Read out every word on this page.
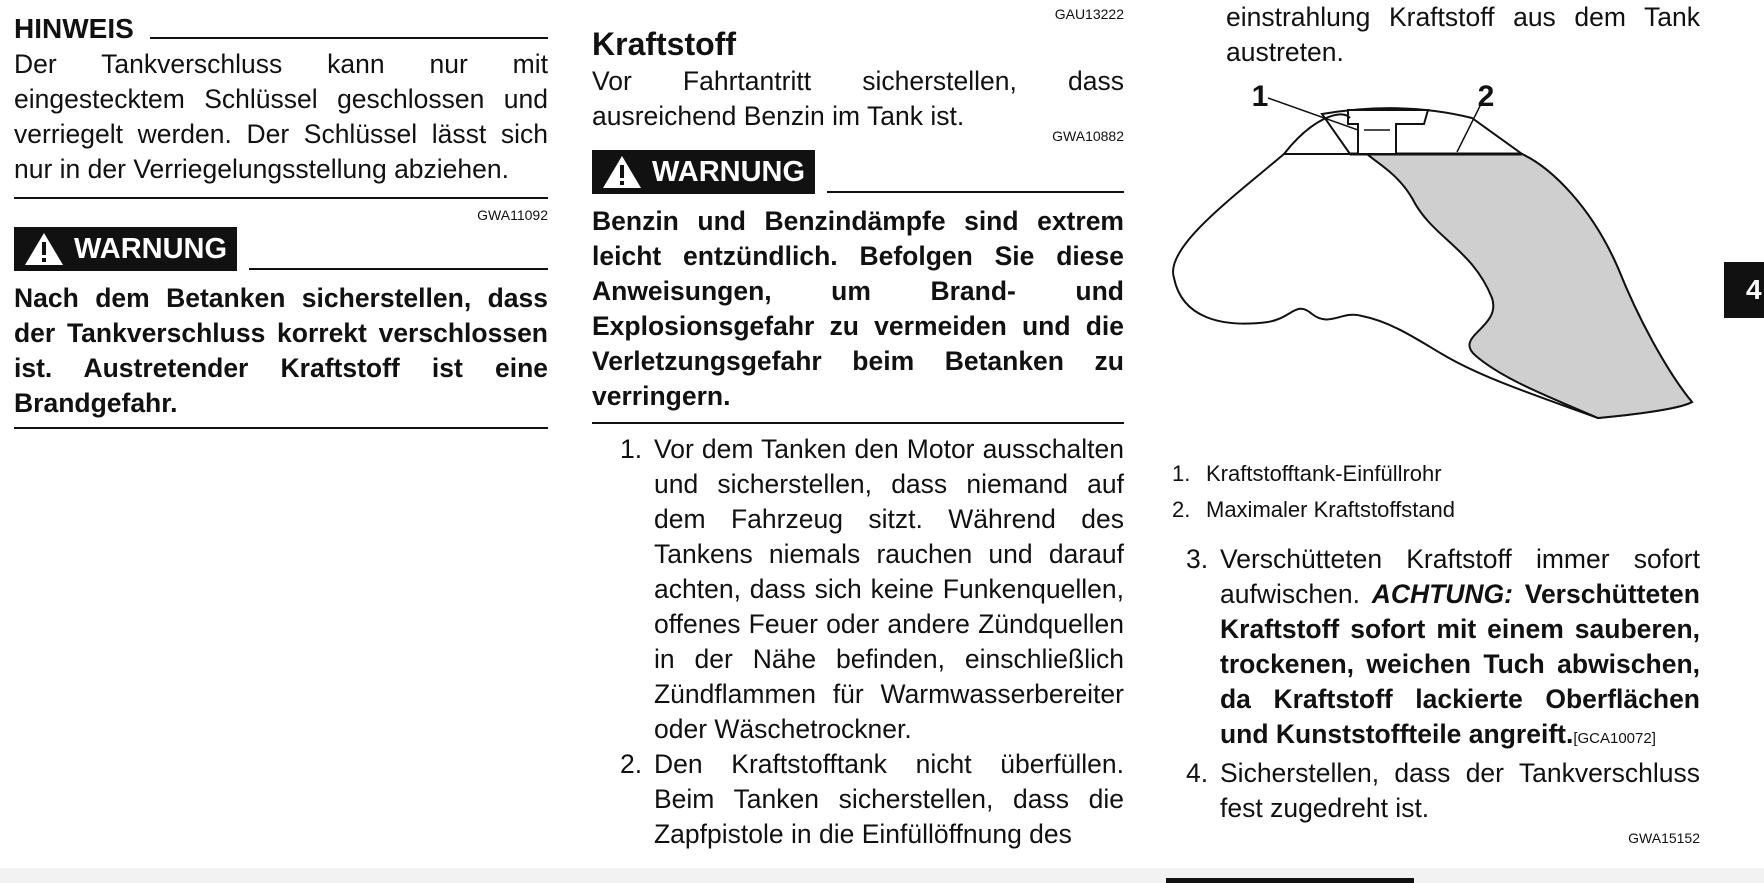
HINWEIS

Der Tankverschluss kann nur mit eingestecktem Schlüssel geschlossen und verriegelt werden. Der Schlüssel lässt sich nur in der Verriegelungsstellung abziehen.

GWA11092
WARNUNG

Nach dem Betanken sicherstellen, dass der Tankverschluss korrekt verschlossen ist. Austretender Kraftstoff ist eine Brandgefahr.

GAU13222
Kraftstoff

Vor Fahrtantritt sicherstellen, dass ausreichend Benzin im Tank ist.

GWA10882
WARNUNG

Benzin und Benzindämpfe sind extrem leicht entzündlich. Befolgen Sie diese Anweisungen, um Brand- und Explosionsgefahr zu vermeiden und die Verletzungsgefahr beim Betanken zu verringern.

1. Vor dem Tanken den Motor ausschalten und sicherstellen, dass niemand auf dem Fahrzeug sitzt. Während des Tankens niemals rauchen und darauf achten, dass sich keine Funkenquellen, offenes Feuer oder andere Zündquellen in der Nähe befinden, einschließlich Zündflammen für Warmwasserbereiter oder Wäschetrockner.
2. Den Kraftstofftank nicht überfüllen. Beim Tanken sicherstellen, dass die Zapfpistole in die Einfüllöffnung des

einstrahlung Kraftstoff aus dem Tank austreten.

1	2
1. Kraftstofftank-Einfüllrohr
2. Maximaler Kraftstoffstand
3. Verschütteten Kraftstoff immer sofort aufwischen. ACHTUNG: Verschütteten Kraftstoff sofort mit einem sauberen, trockenen, weichen Tuch abwischen, da Kraftstoff lackierte Oberflächen und Kunststoffteile angreift.[GCA10072]
4. Sicherstellen, dass der Tankverschluss fest zugedreht ist.
GWA15152
4
